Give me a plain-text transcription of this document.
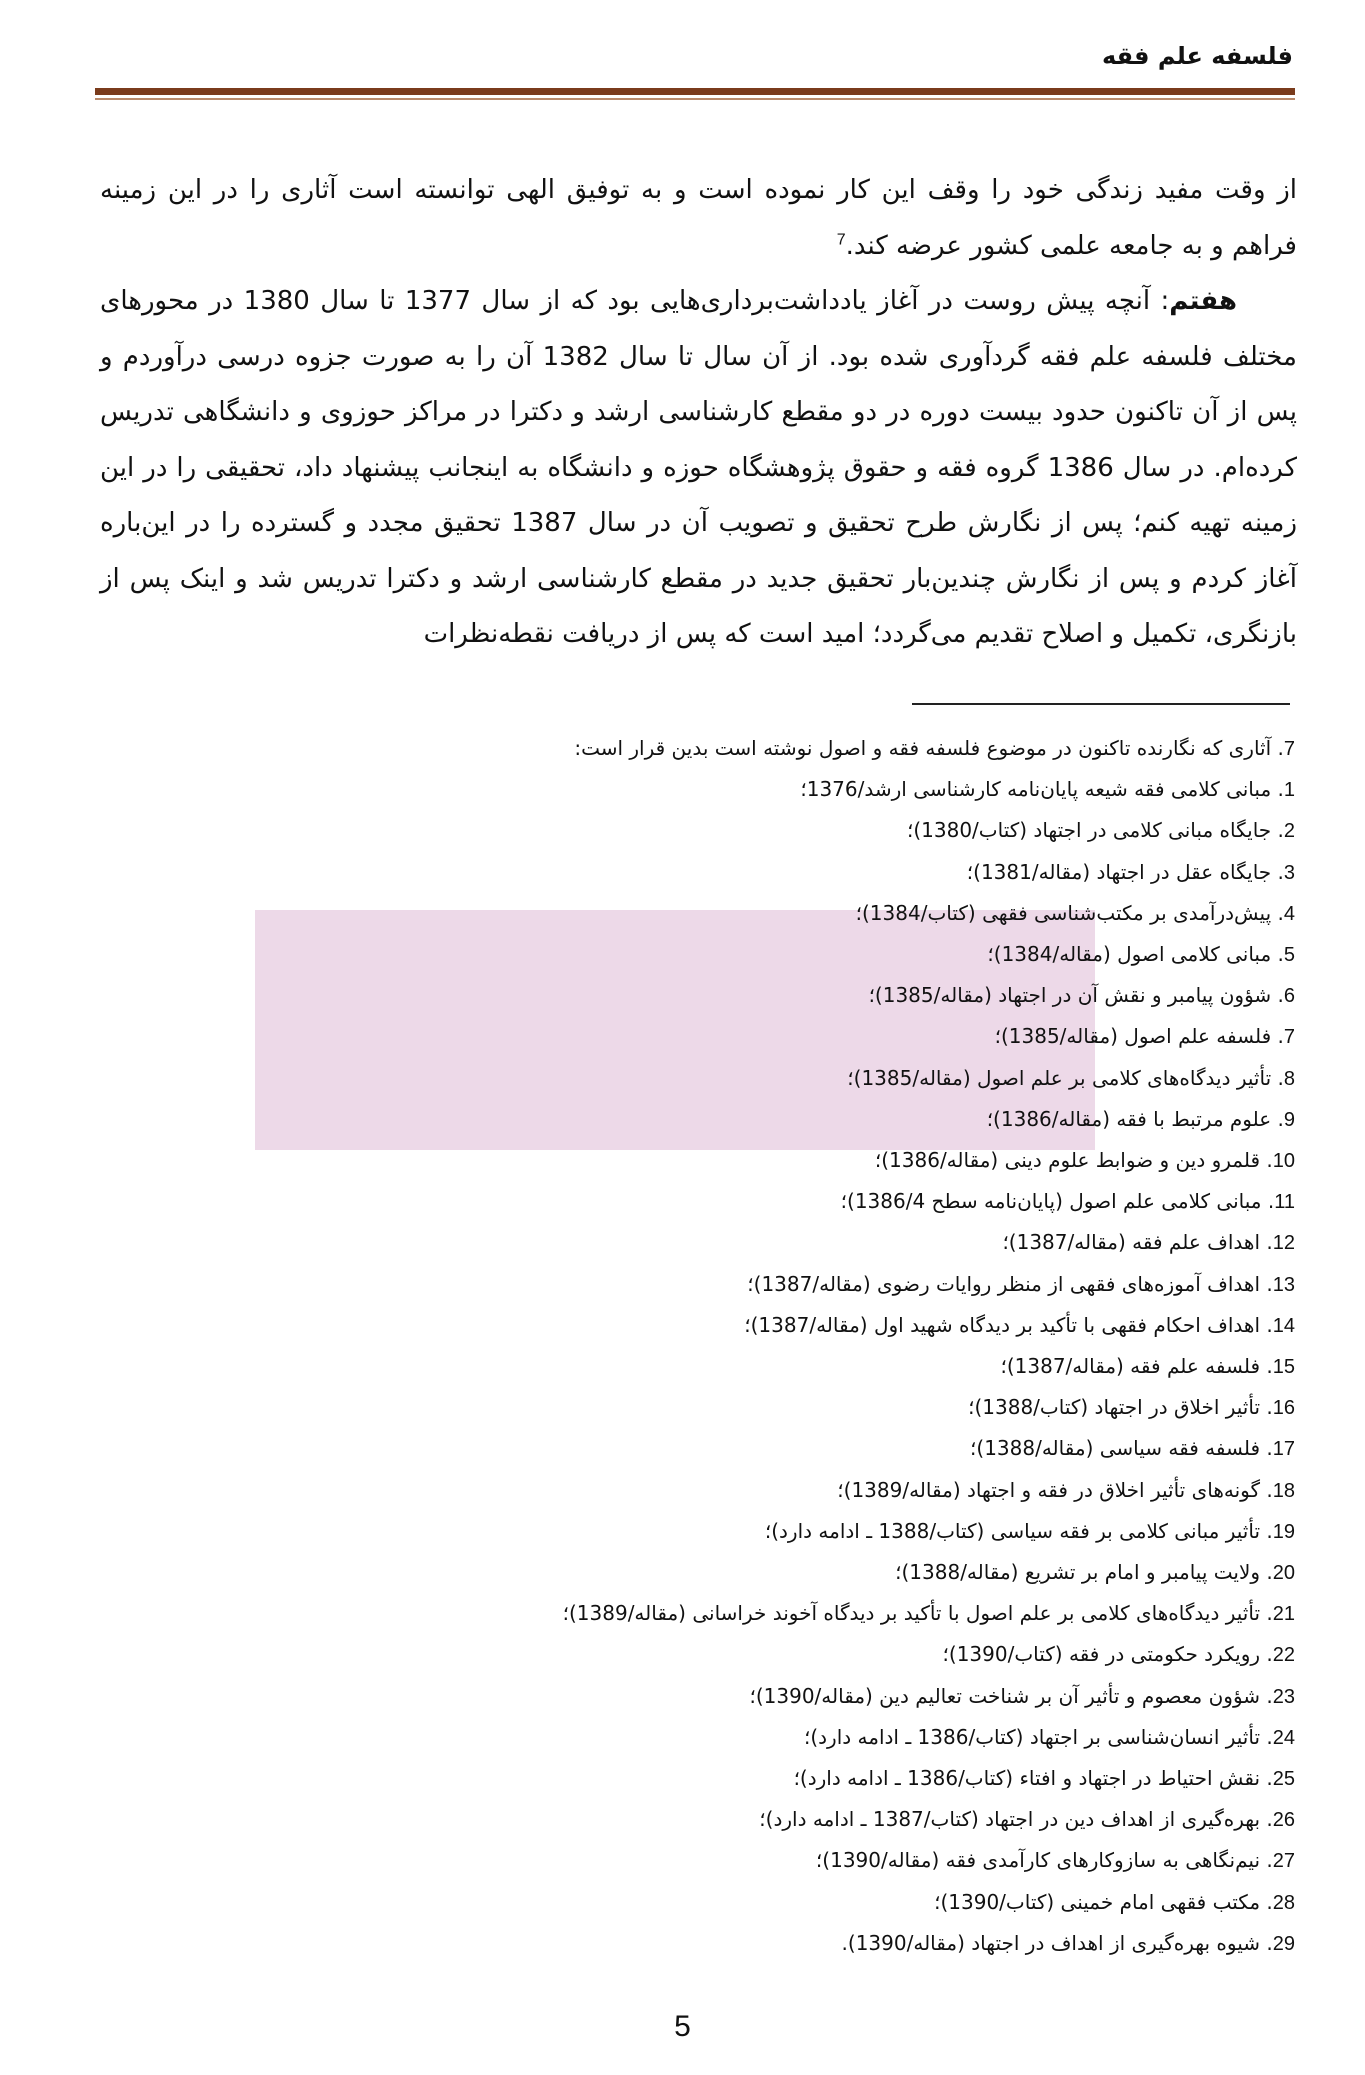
فلسفه علم فقه

از وقت مفید زندگی خود را وقف این کار نموده است و به توفیق الهی توانسته است آثاری را در این زمینه فراهم و به جامعه علمی کشور عرضه کند.$^7$

هفتم: آنچه پیش روست در آغاز یادداشت‌برداری‌هایی بود که از سال 1377 تا سال 1380 در محورهای مختلف فلسفه علم فقه گردآوری شده بود. از آن سال تا سال 1382 آن را به صورت جزوه درسی درآوردم و پس از آن تاکنون حدود بیست دوره در دو مقطع کارشناسی ارشد و دکترا در مراکز حوزوی و دانشگاهی تدریس کرده‌ام. در سال 1386 گروه فقه و حقوق پژوهشگاه حوزه و دانشگاه به اینجانب پیشنهاد داد، تحقیقی را در این زمینه تهیه کنم؛ پس از نگارش طرح تحقیق و تصویب آن در سال 1387 تحقیق مجدد و گسترده را در این‌باره آغاز کردم و پس از نگارش چندین‌بار تحقیق جدید در مقطع کارشناسی ارشد و دکترا تدریس شد و اینک پس از بازنگری، تکمیل و اصلاح تقدیم می‌گردد؛ امید است که پس از دریافت نقطه‌نظرات

7. آثاری که نگارنده تاکنون در موضوع فلسفه فقه و اصول نوشته است بدین قرار است:

1. مبانی کلامی فقه شیعه پایان‌نامه کارشناسی ارشد/1376؛
2. جایگاه مبانی کلامی در اجتهاد (کتاب/1380)؛
3. جایگاه عقل در اجتهاد (مقاله/1381)؛
4. پیش‌درآمدی بر مکتب‌شناسی فقهی (کتاب/1384)؛
5. مبانی کلامی اصول (مقاله/1384)؛
6. شؤون پیامبر و نقش آن در اجتهاد (مقاله/1385)؛
7. فلسفه علم اصول (مقاله/1385)؛
8. تأثیر دیدگاه‌های کلامی بر علم اصول (مقاله/1385)؛
9. علوم مرتبط با فقه (مقاله/1386)؛
10. قلمرو دین و ضوابط علوم دینی (مقاله/1386)؛
11. مبانی کلامی علم اصول (پایان‌نامه سطح 1386/4)؛
12. اهداف علم فقه (مقاله/1387)؛
13. اهداف آموزه‌های فقهی از منظر روایات رضوی (مقاله/1387)؛
14. اهداف احکام فقهی با تأکید بر دیدگاه شهید اول (مقاله/1387)؛
15. فلسفه علم فقه (مقاله/1387)؛
16. تأثیر اخلاق در اجتهاد (کتاب/1388)؛
17. فلسفه فقه سیاسی (مقاله/1388)؛
18. گونه‌های تأثیر اخلاق در فقه و اجتهاد (مقاله/1389)؛
19. تأثیر مبانی کلامی بر فقه سیاسی (کتاب/1388 ـ ادامه دارد)؛
20. ولایت پیامبر و امام بر تشریع (مقاله/1388)؛
21. تأثیر دیدگاه‌های کلامی بر علم اصول با تأکید بر دیدگاه آخوند خراسانی (مقاله/1389)؛
22. رویکرد حکومتی در فقه (کتاب/1390)؛
23. شؤون معصوم و تأثیر آن بر شناخت تعالیم دین (مقاله/1390)؛
24. تأثیر انسان‌شناسی بر اجتهاد (کتاب/1386 ـ ادامه دارد)؛
25. نقش احتیاط در اجتهاد و افتاء (کتاب/1386 ـ ادامه دارد)؛
26. بهره‌گیری از اهداف دین در اجتهاد (کتاب/1387 ـ ادامه دارد)؛
27. نیم‌نگاهی به سازوکارهای کارآمدی فقه (مقاله/1390)؛
28. مکتب فقهی امام خمینی (کتاب/1390)؛
29. شیوه بهره‌گیری از اهداف در اجتهاد (مقاله/1390).
5
